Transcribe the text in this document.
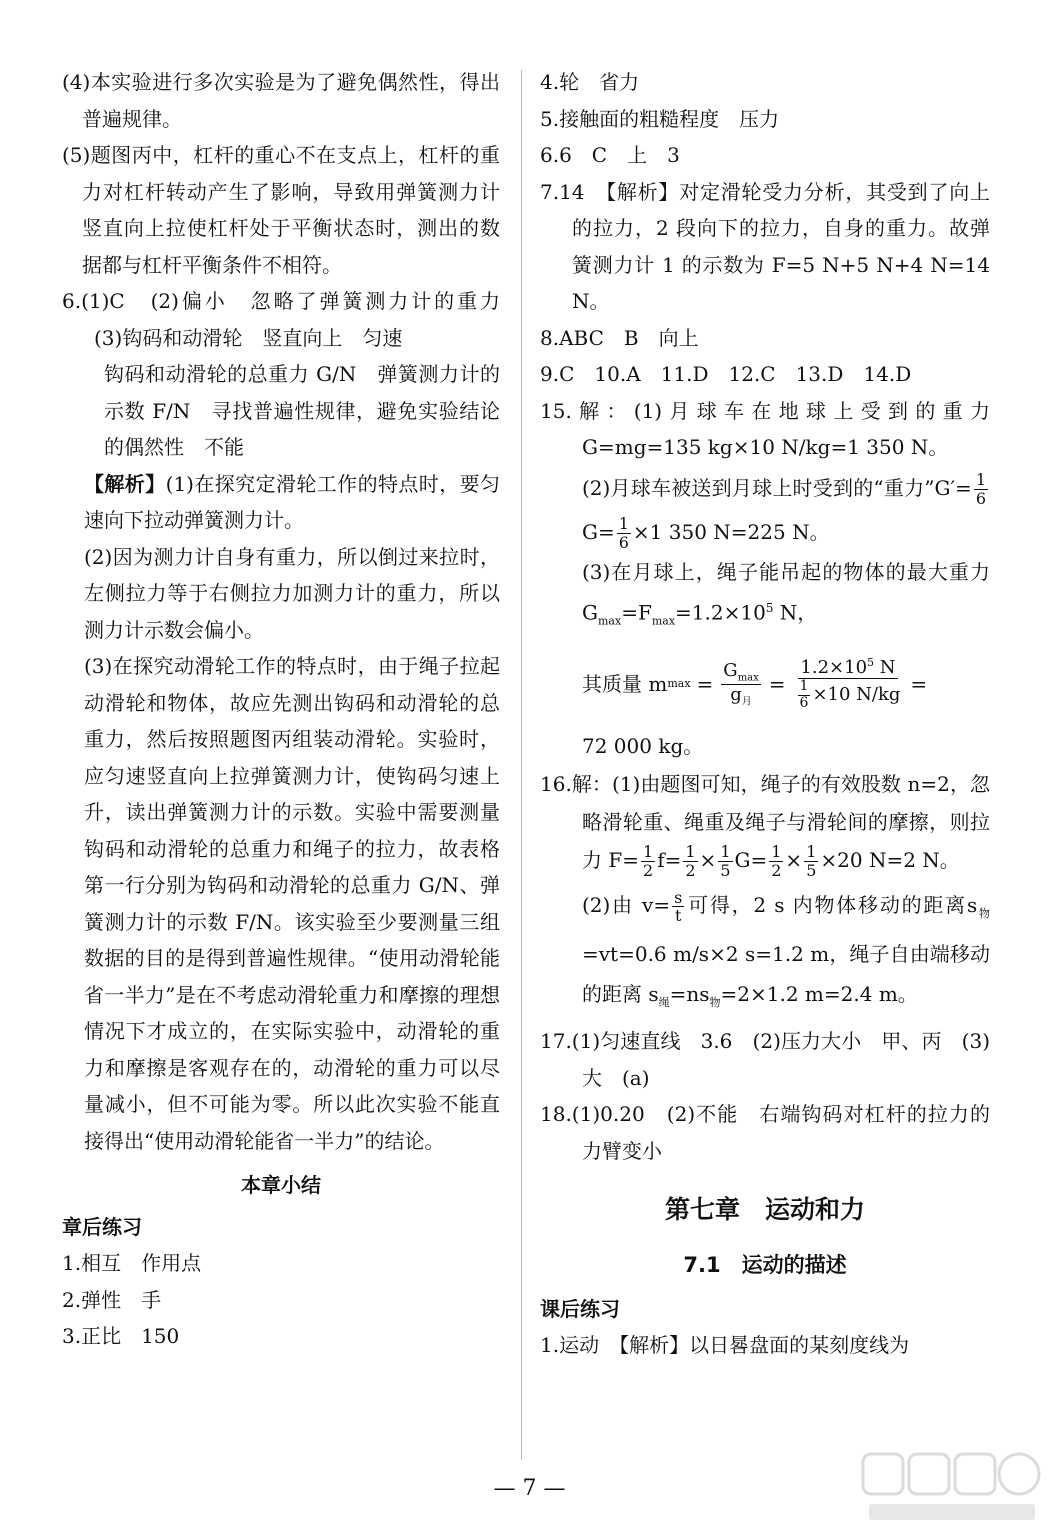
(4)本实验进行多次实验是为了避免偶然性，得出普遍规律。

(5)题图丙中，杠杆的重心不在支点上，杠杆的重力对杠杆转动产生了影响，导致用弹簧测力计竖直向上拉使杠杆处于平衡状态时，测出的数据都与杠杆平衡条件不相符。

6.(1)C　(2)偏小　忽略了弹簧测力计的重力　(3)钩码和动滑轮　竖直向上　匀速

钩码和动滑轮的总重力 G/N　弹簧测力计的示数 F/N　寻找普遍性规律，避免实验结论的偶然性　不能

【解析】(1)在探究定滑轮工作的特点时，要匀速向下拉动弹簧测力计。

(2)因为测力计自身有重力，所以倒过来拉时，左侧拉力等于右侧拉力加测力计的重力，所以测力计示数会偏小。

(3)在探究动滑轮工作的特点时，由于绳子拉起动滑轮和物体，故应先测出钩码和动滑轮的总重力，然后按照题图丙组装动滑轮。实验时，应匀速竖直向上拉弹簧测力计，使钩码匀速上升，读出弹簧测力计的示数。实验中需要测量钩码和动滑轮的总重力和绳子的拉力，故表格第一行分别为钩码和动滑轮的总重力 G/N、弹簧测力计的示数 F/N。该实验至少要测量三组数据的目的是得到普遍性规律。“使用动滑轮能省一半力”是在不考虑动滑轮重力和摩擦的理想情况下才成立的，在实际实验中，动滑轮的重力和摩擦是客观存在的，动滑轮的重力可以尽量减小，但不可能为零。所以此次实验不能直接得出“使用动滑轮能省一半力”的结论。

本章小结
章后练习

1.相互　作用点

2.弹性　手

3.正比　150

4.轮　省力

5.接触面的粗糙程度　压力

6.6　C　上　3

7.14　【解析】对定滑轮受力分析，其受到了向上的拉力，2 段向下的拉力，自身的重力。故弹簧测力计 1 的示数为 F=5 N+5 N+4 N=14 N。

8.ABC　B　向上

9.C　10.A　11.D　12.C　13.D　14.D

15.解：(1)月球车在地球上受到的重力 G=mg=135 kg×10 N/kg=1 350 N。

(2)月球车被送到月球上时受到的“重力”G′= $\frac{1}{6}$
$G= \frac{1}{6} \times 1$ 350 N=225 N。

(3)在月球上，绳子能吊起的物体的最大重力 $G_{max}=F_{max}=1.2\times 10^5$ N，

其质量 m $\max = \frac{G_{max}}{g_月} = \frac{1.2\times 10^5 N}{\frac{1}{6} \times 10 N/kg}$ =

72 000 kg。

16.解：(1)由题图可知，绳子的有效股数 n=2，忽略滑轮重、绳重及绳子与滑轮间的摩擦，则拉力 $F= \frac{1}{2} f= \frac{1}{2} \times \frac{1}{5} G= \frac{1}{2} \times \frac{1}{5} \times 20$ N=2 N。

(2)由 $v= \frac{s}{t}$ 可得，2 s 内物体移动的距离$s_物=vt=0.6$ m/s×2 s=1.2 m，绳子自由端移动的距离 $s_绳=ns_物=2\times 1.2$ m=2.4 m。

17.(1)匀速直线　3.6　(2)压力大小　甲、丙　(3)大　(a)

18.(1)0.20　(2)不能　右端钩码对杠杆的拉力的力臂变小

第七章　运动和力
7.1　运动的描述
课后练习

1.运动　【解析】以日晷盘面的某刻度线为

— 7 —
